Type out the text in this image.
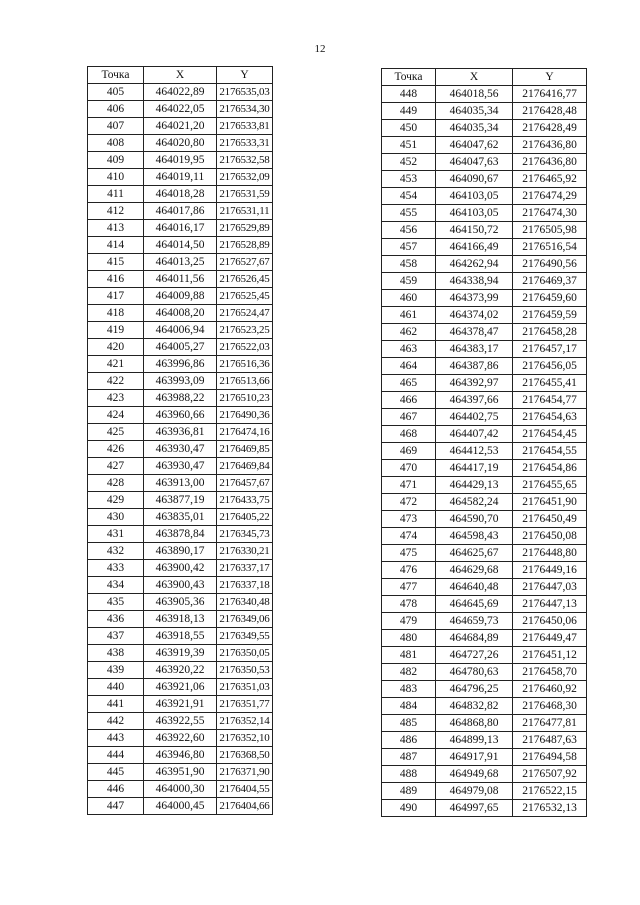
12
Точка	X	Y
405	464022,89	2176535,03
406	464022,05	2176534,30
407	464021,20	2176533,81
408	464020,80	2176533,31
409	464019,95	2176532,58
410	464019,11	2176532,09
411	464018,28	2176531,59
412	464017,86	2176531,11
413	464016,17	2176529,89
414	464014,50	2176528,89
415	464013,25	2176527,67
416	464011,56	2176526,45
417	464009,88	2176525,45
418	464008,20	2176524,47
419	464006,94	2176523,25
420	464005,27	2176522,03
421	463996,86	2176516,36
422	463993,09	2176513,66
423	463988,22	2176510,23
424	463960,66	2176490,36
425	463936,81	2176474,16
426	463930,47	2176469,85
427	463930,47	2176469,84
428	463913,00	2176457,67
429	463877,19	2176433,75
430	463835,01	2176405,22
431	463878,84	2176345,73
432	463890,17	2176330,21
433	463900,42	2176337,17
434	463900,43	2176337,18
435	463905,36	2176340,48
436	463918,13	2176349,06
437	463918,55	2176349,55
438	463919,39	2176350,05
439	463920,22	2176350,53
440	463921,06	2176351,03
441	463921,91	2176351,77
442	463922,55	2176352,14
443	463922,60	2176352,10
444	463946,80	2176368,50
445	463951,90	2176371,90
446	464000,30	2176404,55
447	464000,45	2176404,66
Точка	X	Y
448	464018,56	2176416,77
449	464035,34	2176428,48
450	464035,34	2176428,49
451	464047,62	2176436,80
452	464047,63	2176436,80
453	464090,67	2176465,92
454	464103,05	2176474,29
455	464103,05	2176474,30
456	464150,72	2176505,98
457	464166,49	2176516,54
458	464262,94	2176490,56
459	464338,94	2176469,37
460	464373,99	2176459,60
461	464374,02	2176459,59
462	464378,47	2176458,28
463	464383,17	2176457,17
464	464387,86	2176456,05
465	464392,97	2176455,41
466	464397,66	2176454,77
467	464402,75	2176454,63
468	464407,42	2176454,45
469	464412,53	2176454,55
470	464417,19	2176454,86
471	464429,13	2176455,65
472	464582,24	2176451,90
473	464590,70	2176450,49
474	464598,43	2176450,08
475	464625,67	2176448,80
476	464629,68	2176449,16
477	464640,48	2176447,03
478	464645,69	2176447,13
479	464659,73	2176450,06
480	464684,89	2176449,47
481	464727,26	2176451,12
482	464780,63	2176458,70
483	464796,25	2176460,92
484	464832,82	2176468,30
485	464868,80	2176477,81
486	464899,13	2176487,63
487	464917,91	2176494,58
488	464949,68	2176507,92
489	464979,08	2176522,15
490	464997,65	2176532,13
